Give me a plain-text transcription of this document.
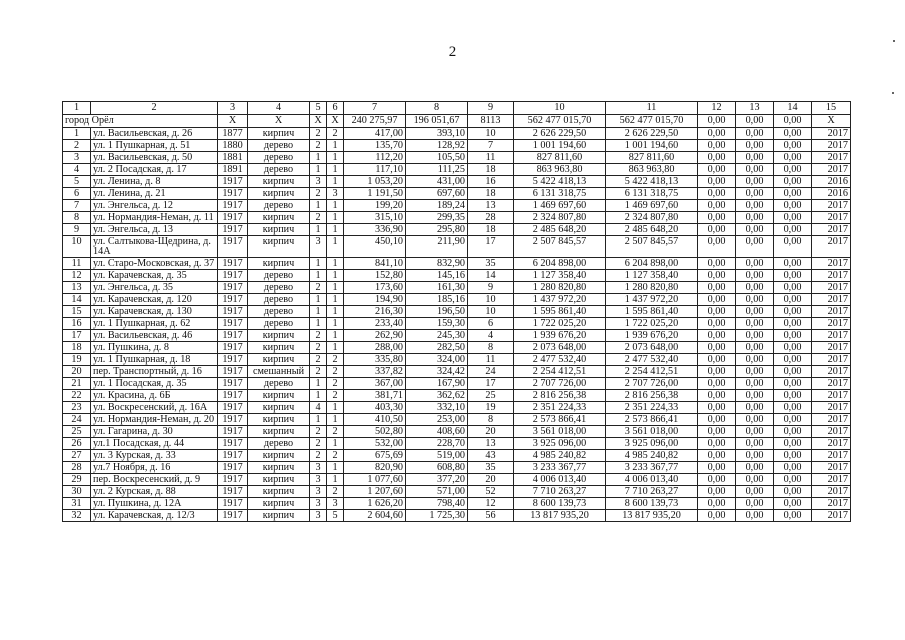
2
1	2	3	4	5	6	7	8	9	10	11	12	13	14	15
город Орёл		Х	Х	Х	Х	240 275,97	196 051,67	8113	562 477 015,70	562 477 015,70	0,00	0,00	0,00	Х
1	ул. Васильевская, д. 26	1877	кирпич	2	2	417,00	393,10	10	2 626 229,50	2 626 229,50	0,00	0,00	0,00	2017
2	ул. 1 Пушкарная, д. 51	1880	дерево	2	1	135,70	128,92	7	1 001 194,60	1 001 194,60	0,00	0,00	0,00	2017
3	ул. Васильевская, д. 50	1881	дерево	1	1	112,20	105,50	11	827 811,60	827 811,60	0,00	0,00	0,00	2017
4	ул. 2 Посадская, д. 17	1891	дерево	1	1	117,10	111,25	18	863 963,80	863 963,80	0,00	0,00	0,00	2017
5	ул. Ленина, д. 8	1917	кирпич	3	1	1 053,20	431,00	16	5 422 418,13	5 422 418,13	0,00	0,00	0,00	2016
6	ул. Ленина, д. 21	1917	кирпич	2	3	1 191,50	697,60	18	6 131 318,75	6 131 318,75	0,00	0,00	0,00	2016
7	ул. Энгельса, д. 12	1917	дерево	1	1	199,20	189,24	13	1 469 697,60	1 469 697,60	0,00	0,00	0,00	2017
8	ул. Нормандия-Неман, д. 11	1917	кирпич	2	1	315,10	299,35	28	2 324 807,80	2 324 807,80	0,00	0,00	0,00	2017
9	ул. Энгельса, д. 13	1917	кирпич	1	1	336,90	295,80	18	2 485 648,20	2 485 648,20	0,00	0,00	0,00	2017
10	ул. Салтыкова-Щедрина, д. 14А	1917	кирпич	3	1	450,10	211,90	17	2 507 845,57	2 507 845,57	0,00	0,00	0,00	2017
11	ул. Старо-Московская, д. 37	1917	кирпич	1	1	841,10	832,90	35	6 204 898,00	6 204 898,00	0,00	0,00	0,00	2017
12	ул. Карачевская, д. 35	1917	дерево	1	1	152,80	145,16	14	1 127 358,40	1 127 358,40	0,00	0,00	0,00	2017
13	ул. Энгельса, д. 35	1917	дерево	2	1	173,60	161,30	9	1 280 820,80	1 280 820,80	0,00	0,00	0,00	2017
14	ул. Карачевская, д. 120	1917	дерево	1	1	194,90	185,16	10	1 437 972,20	1 437 972,20	0,00	0,00	0,00	2017
15	ул. Карачевская, д. 130	1917	дерево	1	1	216,30	196,50	10	1 595 861,40	1 595 861,40	0,00	0,00	0,00	2017
16	ул. 1 Пушкарная, д. 62	1917	дерево	1	1	233,40	159,30	6	1 722 025,20	1 722 025,20	0,00	0,00	0,00	2017
17	ул. Васильевская, д. 46	1917	кирпич	2	1	262,90	245,30	4	1 939 676,20	1 939 676,20	0,00	0,00	0,00	2017
18	ул. Пушкина, д. 8	1917	кирпич	2	1	288,00	282,50	8	2 073 648,00	2 073 648,00	0,00	0,00	0,00	2017
19	ул. 1 Пушкарная, д. 18	1917	кирпич	2	2	335,80	324,00	11	2 477 532,40	2 477 532,40	0,00	0,00	0,00	2017
20	пер. Транспортный, д. 16	1917	смешанный	2	2	337,82	324,42	24	2 254 412,51	2 254 412,51	0,00	0,00	0,00	2017
21	ул. 1 Посадская, д. 35	1917	дерево	1	2	367,00	167,90	17	2 707 726,00	2 707 726,00	0,00	0,00	0,00	2017
22	ул. Красина, д. 6Б	1917	кирпич	1	2	381,71	362,62	25	2 816 256,38	2 816 256,38	0,00	0,00	0,00	2017
23	ул. Воскресенский, д. 16А	1917	кирпич	4	1	403,30	332,10	19	2 351 224,33	2 351 224,33	0,00	0,00	0,00	2017
24	ул. Нормандия-Неман, д. 20	1917	кирпич	1	1	410,50	253,00	8	2 573 866,41	2 573 866,41	0,00	0,00	0,00	2017
25	ул. Гагарина, д. 30	1917	кирпич	2	2	502,80	408,60	20	3 561 018,00	3 561 018,00	0,00	0,00	0,00	2017
26	ул.1 Посадская, д. 44	1917	дерево	2	1	532,00	228,70	13	3 925 096,00	3 925 096,00	0,00	0,00	0,00	2017
27	ул. 3 Курская, д. 33	1917	кирпич	2	2	675,69	519,00	43	4 985 240,82	4 985 240,82	0,00	0,00	0,00	2017
28	ул.7 Ноября, д. 16	1917	кирпич	3	1	820,90	608,80	35	3 233 367,77	3 233 367,77	0,00	0,00	0,00	2017
29	пер. Воскресенский, д. 9	1917	кирпич	3	1	1 077,60	377,20	20	4 006 013,40	4 006 013,40	0,00	0,00	0,00	2017
30	ул. 2 Курская, д. 88	1917	кирпич	3	2	1 207,60	571,00	52	7 710 263,27	7 710 263,27	0,00	0,00	0,00	2017
31	ул. Пушкина, д. 12А	1917	кирпич	3	3	1 626,20	798,40	12	8 600 139,73	8 600 139,73	0,00	0,00	0,00	2017
32	ул. Карачевская, д. 12/3	1917	кирпич	3	5	2 604,60	1 725,30	56	13 817 935,20	13 817 935,20	0,00	0,00	0,00	2017
